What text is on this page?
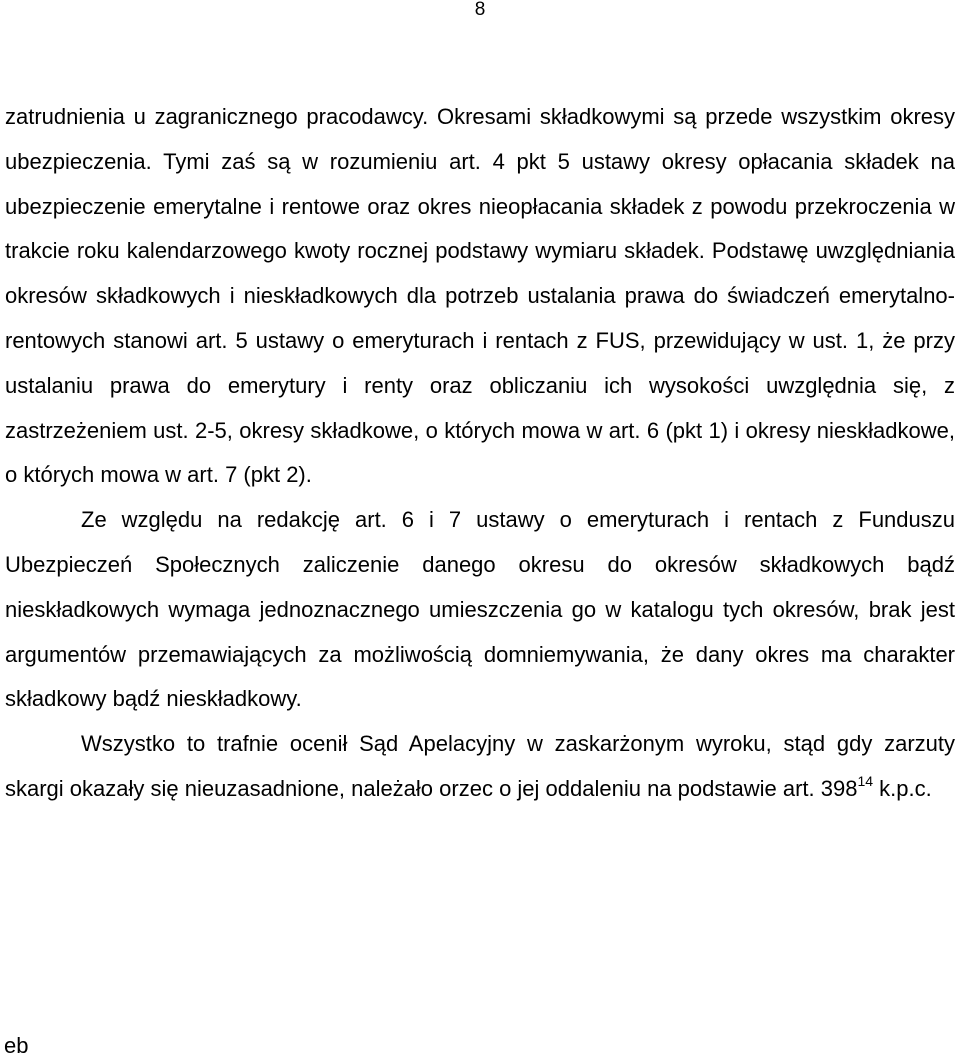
8

zatrudnienia u zagranicznego pracodawcy. Okresami składkowymi są przede wszystkim okresy ubezpieczenia. Tymi zaś są w rozumieniu art. 4 pkt 5 ustawy okresy opłacania składek na ubezpieczenie emerytalne i rentowe oraz okres nieopłacania składek z powodu przekroczenia w trakcie roku kalendarzowego kwoty rocznej podstawy wymiaru składek. Podstawę uwzględniania okresów składkowych i nieskładkowych dla potrzeb ustalania prawa do świadczeń emerytalno-rentowych stanowi art. 5 ustawy o emeryturach i rentach z FUS, przewidujący w ust. 1, że przy ustalaniu prawa do emerytury i renty oraz obliczaniu ich wysokości uwzględnia się, z zastrzeżeniem ust. 2-5, okresy składkowe, o których mowa w art. 6 (pkt 1) i okresy nieskładkowe, o których mowa w art. 7 (pkt 2).

Ze względu na redakcję art. 6 i 7 ustawy o emeryturach i rentach z Funduszu Ubezpieczeń Społecznych zaliczenie danego okresu do okresów składkowych bądź nieskładkowych wymaga jednoznacznego umieszczenia go w katalogu tych okresów, brak jest argumentów przemawiających za możliwością domniemywania, że dany okres ma charakter składkowy bądź nieskładkowy.

Wszystko to trafnie ocenił Sąd Apelacyjny w zaskarżonym wyroku, stąd gdy zarzuty skargi okazały się nieuzasadnione, należało orzec o jej oddaleniu na podstawie art. $398^{14}$ k.p.c.

eb
